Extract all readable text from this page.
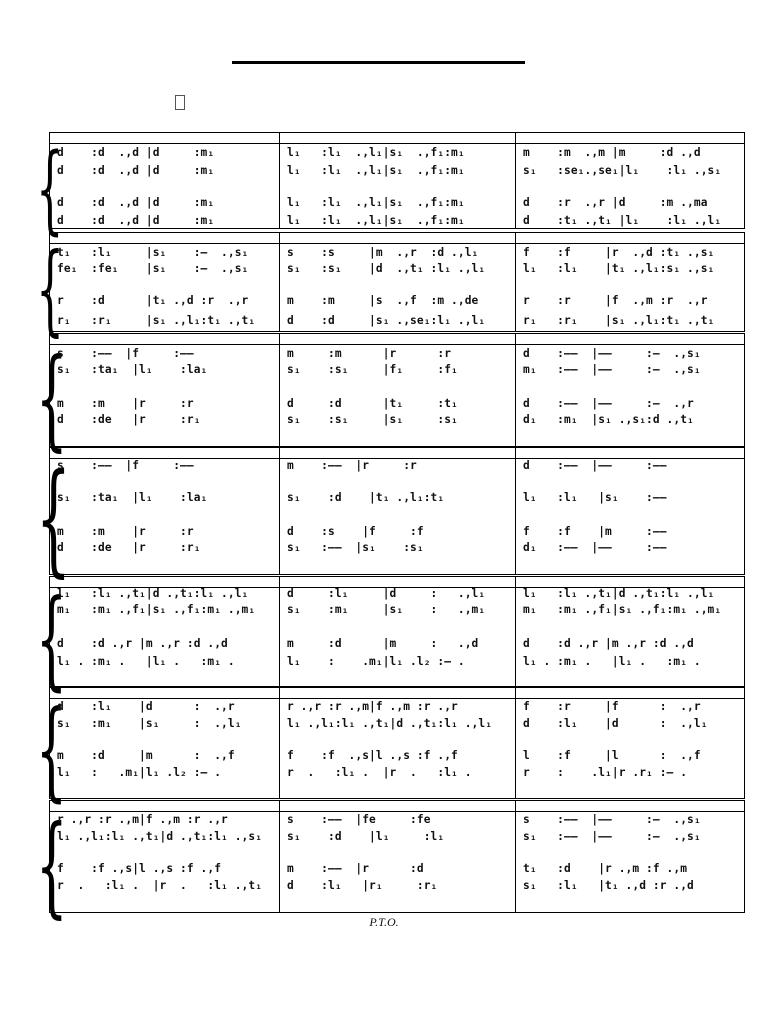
{
d    :d  .,d |d     :m₁
d    :d  .,d |d     :m₁
d    :d  .,d |d     :m₁
d    :d  .,d |d     :m₁
l₁   :l₁  .,l₁|s₁  .,f₁:m₁
l₁   :l₁  .,l₁|s₁  .,f₁:m₁
l₁   :l₁  .,l₁|s₁  .,f₁:m₁
l₁   :l₁  .,l₁|s₁  .,f₁:m₁
m    :m  .,m |m     :d .,d
s₁   :se₁.,se₁|l₁    :l₁ .,s₁
d    :r  .,r |d     :m .,ma
d    :t₁ .,t₁ |l₁    :l₁ .,l₁
{
t₁   :l₁     |s₁    :—  .,s₁
fe₁  :fe₁    |s₁    :—  .,s₁
r    :d      |t₁ .,d :r  .,r
r₁   :r₁     |s₁ .,l₁:t₁ .,t₁
s    :s     |m  .,r  :d .,l₁
s₁   :s₁    |d  .,t₁ :l₁ .,l₁
m    :m     |s  .,f  :m .,de
d    :d     |s₁ .,se₁:l₁ .,l₁
f    :f     |r  .,d :t₁ .,s₁
l₁   :l₁    |t₁ .,l₁:s₁ .,s₁
r    :r     |f  .,m :r  .,r
r₁   :r₁    |s₁ .,l₁:t₁ .,t₁
{
s    :——  |f     :——
s₁   :ta₁  |l₁    :la₁
m    :m    |r     :r
d    :de   |r     :r₁
m     :m      |r      :r
s₁    :s₁     |f₁     :f₁
d     :d      |t₁     :t₁
s₁    :s₁     |s₁     :s₁
d    :——  |——     :—  .,s₁
m₁   :——  |——     :—  .,s₁
d    :——  |——     :—  .,r
d₁   :m₁  |s₁ .,s₁:d .,t₁
{
s    :——  |f     :——
s₁   :ta₁  |l₁    :la₁
m    :m    |r     :r
d    :de   |r     :r₁
m    :——  |r     :r
s₁    :d    |t₁ .,l₁:t₁
d    :s    |f     :f
s₁   :——  |s₁    :s₁
d    :——  |——     :——
l₁   :l₁   |s₁    :——
f    :f    |m     :——
d₁   :——  |——     :——
{
l₁   :l₁ .,t₁|d .,t₁:l₁ .,l₁
m₁   :m₁ .,f₁|s₁ .,f₁:m₁ .,m₁
d    :d .,r |m .,r :d .,d
l₁ . :m₁ .   |l₁ .   :m₁ .
d     :l₁     |d     :   .,l₁
s₁    :m₁     |s₁    :   .,m₁
m     :d      |m     :   .,d
l₁    :    .m₁|l₁ .l₂ :— .
l₁   :l₁ .,t₁|d .,t₁:l₁ .,l₁
m₁   :m₁ .,f₁|s₁ .,f₁:m₁ .,m₁
d    :d .,r |m .,r :d .,d
l₁ . :m₁ .   |l₁ .   :m₁ .
{
d    :l₁    |d      :  .,r
s₁   :m₁    |s₁     :  .,l₁
m    :d     |m      :  .,f
l₁   :   .m₁|l₁ .l₂ :— .
r .,r :r .,m|f .,m :r .,r
l₁ .,l₁:l₁ .,t₁|d .,t₁:l₁ .,l₁
f    :f  .,s|l .,s :f .,f
r  .   :l₁ .  |r  .   :l₁ .
f    :r     |f      :  .,r
d    :l₁    |d      :  .,l₁
l    :f     |l      :  .,f
r    :    .l₁|r .r₁ :— .
{
r .,r :r .,m|f .,m :r .,r
l₁ .,l₁:l₁ .,t₁|d .,t₁:l₁ .,s₁
f    :f .,s|l .,s :f .,f
r  .   :l₁ .  |r  .   :l₁ .,t₁
s    :——  |fe     :fe
s₁    :d    |l₁     :l₁
m    :——  |r      :d
d    :l₁   |r₁     :r₁
s    :——  |——     :—  .,s₁
s₁   :——  |——     :—  .,s₁
t₁   :d    |r .,m :f .,m
s₁   :l₁   |t₁ .,d :r .,d
P.T.O.
